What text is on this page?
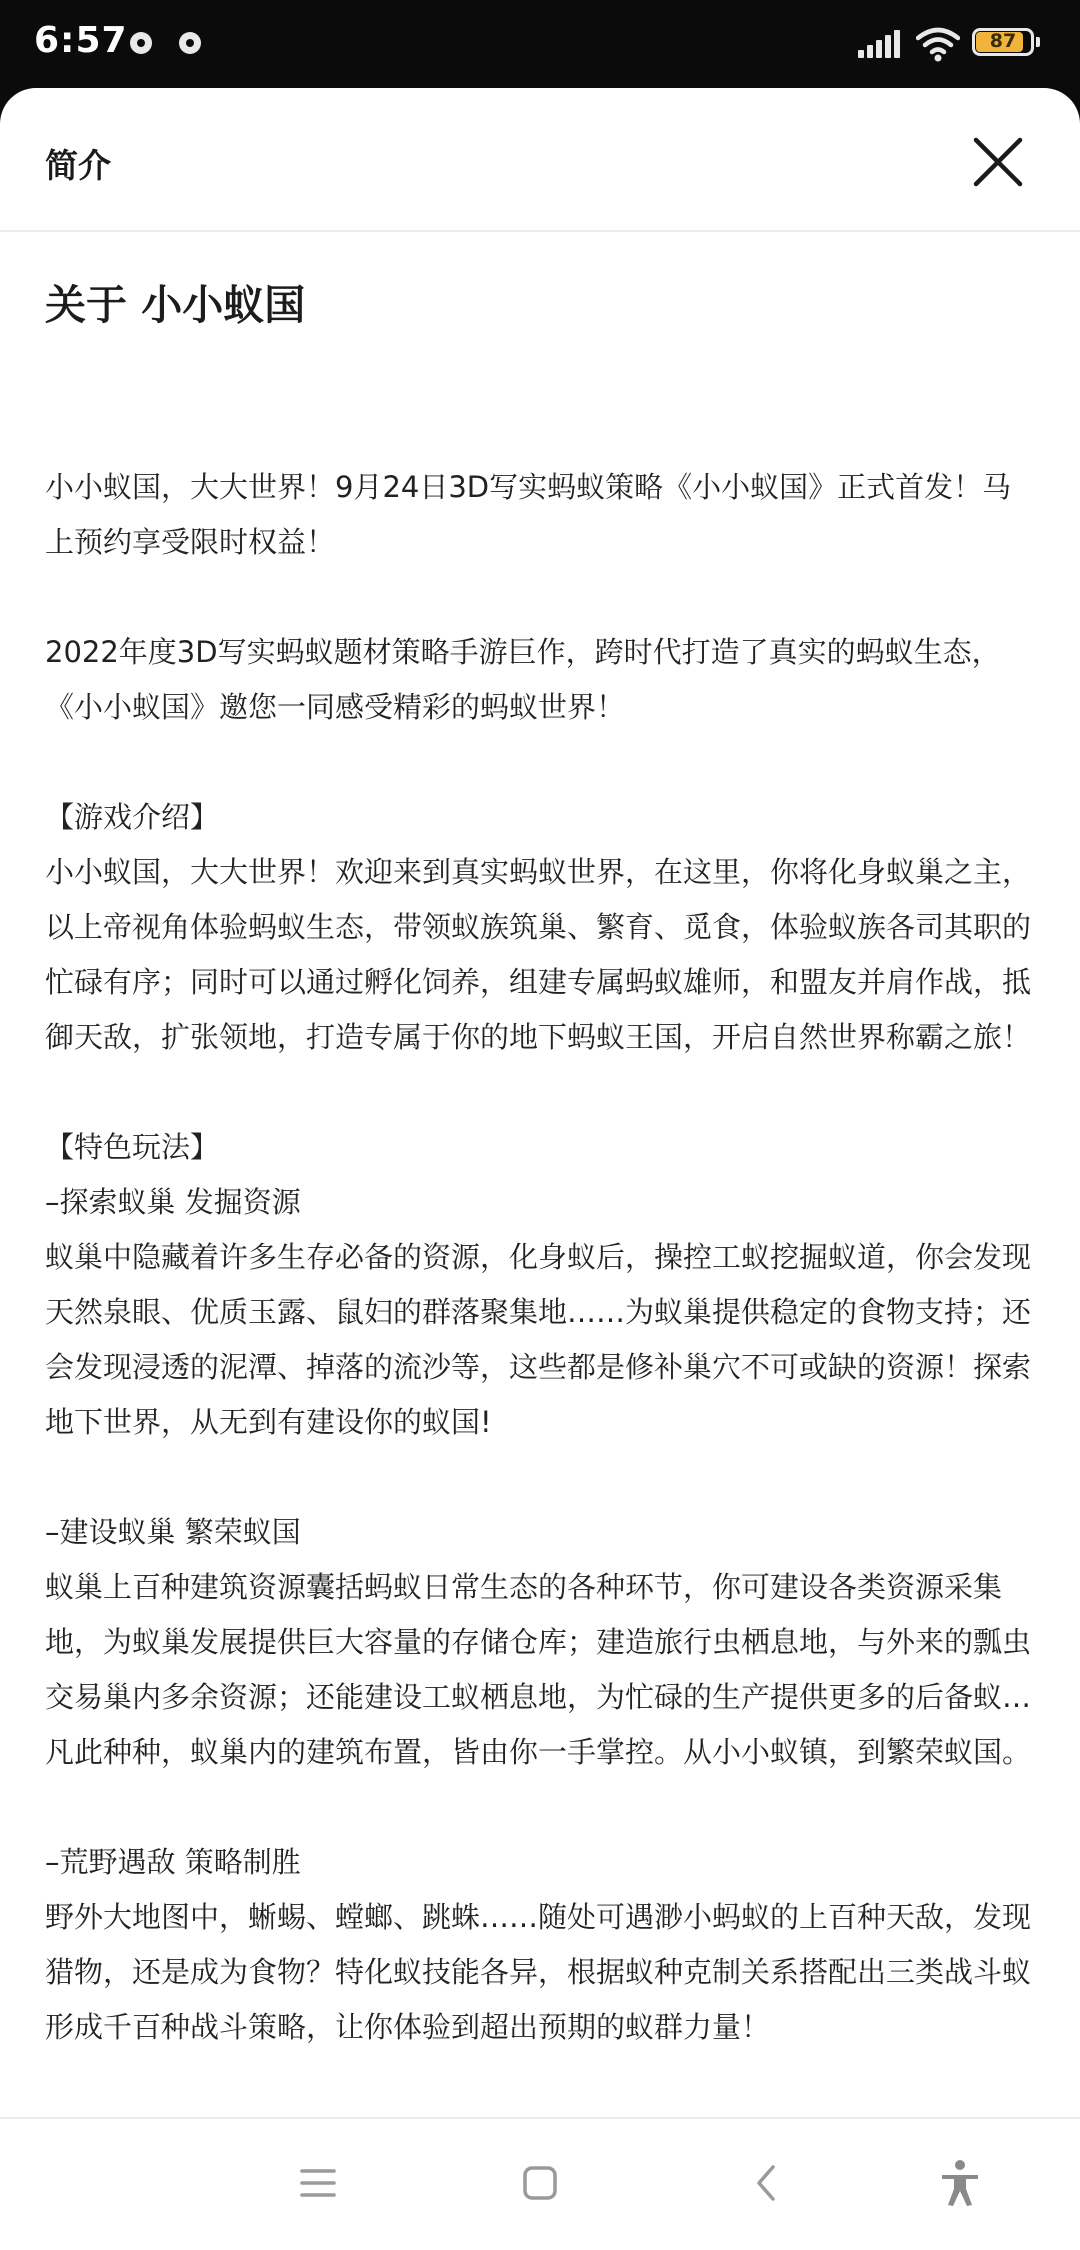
6:57	87
简介
关于 小小蚁国

小小蚁国，大大世界！9月24日3D写实蚂蚁策略《小小蚁国》正式首发！马上预约享受限时权益！

2022年度3D写实蚂蚁题材策略手游巨作，跨时代打造了真实的蚂蚁生态，《小小蚁国》邀您一同感受精彩的蚂蚁世界！

【游戏介绍】
小小蚁国，大大世界！欢迎来到真实蚂蚁世界，在这里，你将化身蚁巢之主，以上帝视角体验蚂蚁生态，带领蚁族筑巢、繁育、觅食，体验蚁族各司其职的忙碌有序；同时可以通过孵化饲养，组建专属蚂蚁雄师，和盟友并肩作战，抵御天敌，扩张领地，打造专属于你的地下蚂蚁王国，开启自然世界称霸之旅！

【特色玩法】
–探索蚁巢 发掘资源
蚁巢中隐藏着许多生存必备的资源，化身蚁后，操控工蚁挖掘蚁道，你会发现天然泉眼、优质玉露、鼠妇的群落聚集地……为蚁巢提供稳定的食物支持；还会发现浸透的泥潭、掉落的流沙等，这些都是修补巢穴不可或缺的资源！探索地下世界，从无到有建设你的蚁国!

–建设蚁巢 繁荣蚁国
蚁巢上百种建筑资源囊括蚂蚁日常生态的各种环节，你可建设各类资源采集地，为蚁巢发展提供巨大容量的存储仓库；建造旅行虫栖息地，与外来的瓢虫交易巢内多余资源；还能建设工蚁栖息地，为忙碌的生产提供更多的后备蚁…凡此种种，蚁巢内的建筑布置，皆由你一手掌控。从小小蚁镇，到繁荣蚁国。

–荒野遇敌 策略制胜
野外大地图中，蜥蜴、螳螂、跳蛛……随处可遇渺小蚂蚁的上百种天敌，发现猎物，还是成为食物？特化蚁技能各异，根据蚁种克制关系搭配出三类战斗蚁形成千百种战斗策略，让你体验到超出预期的蚁群力量！
